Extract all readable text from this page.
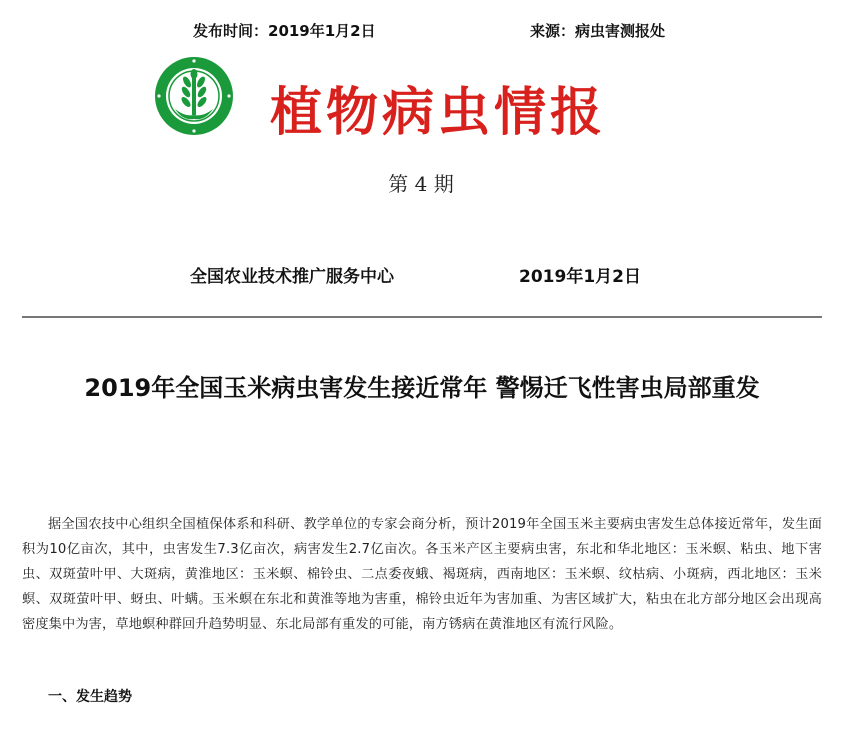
发布时间：2019年1月2日	来源：病虫害测报处
植物病虫情报
第 4 期
全国农业技术推广服务中心	2019年1月2日
2019年全国玉米病虫害发生接近常年 警惕迁飞性害虫局部重发
据全国农技中心组织全国植保体系和科研、教学单位的专家会商分析，预计2019年全国玉米主要病虫害发生总体接近常年，发生面积为10亿亩次，其中，虫害发生7.3亿亩次，病害发生2.7亿亩次。各玉米产区主要病虫害，东北和华北地区：玉米螟、粘虫、地下害虫、双斑萤叶甲、大斑病，黄淮地区：玉米螟、棉铃虫、二点委夜蛾、褐斑病，西南地区：玉米螟、纹枯病、小斑病，西北地区：玉米螟、双斑萤叶甲、蚜虫、叶螨。玉米螟在东北和黄淮等地为害重，棉铃虫近年为害加重、为害区域扩大，粘虫在北方部分地区会出现高密度集中为害，草地螟种群回升趋势明显、东北局部有重发的可能，南方锈病在黄淮地区有流行风险。
一、发生趋势
